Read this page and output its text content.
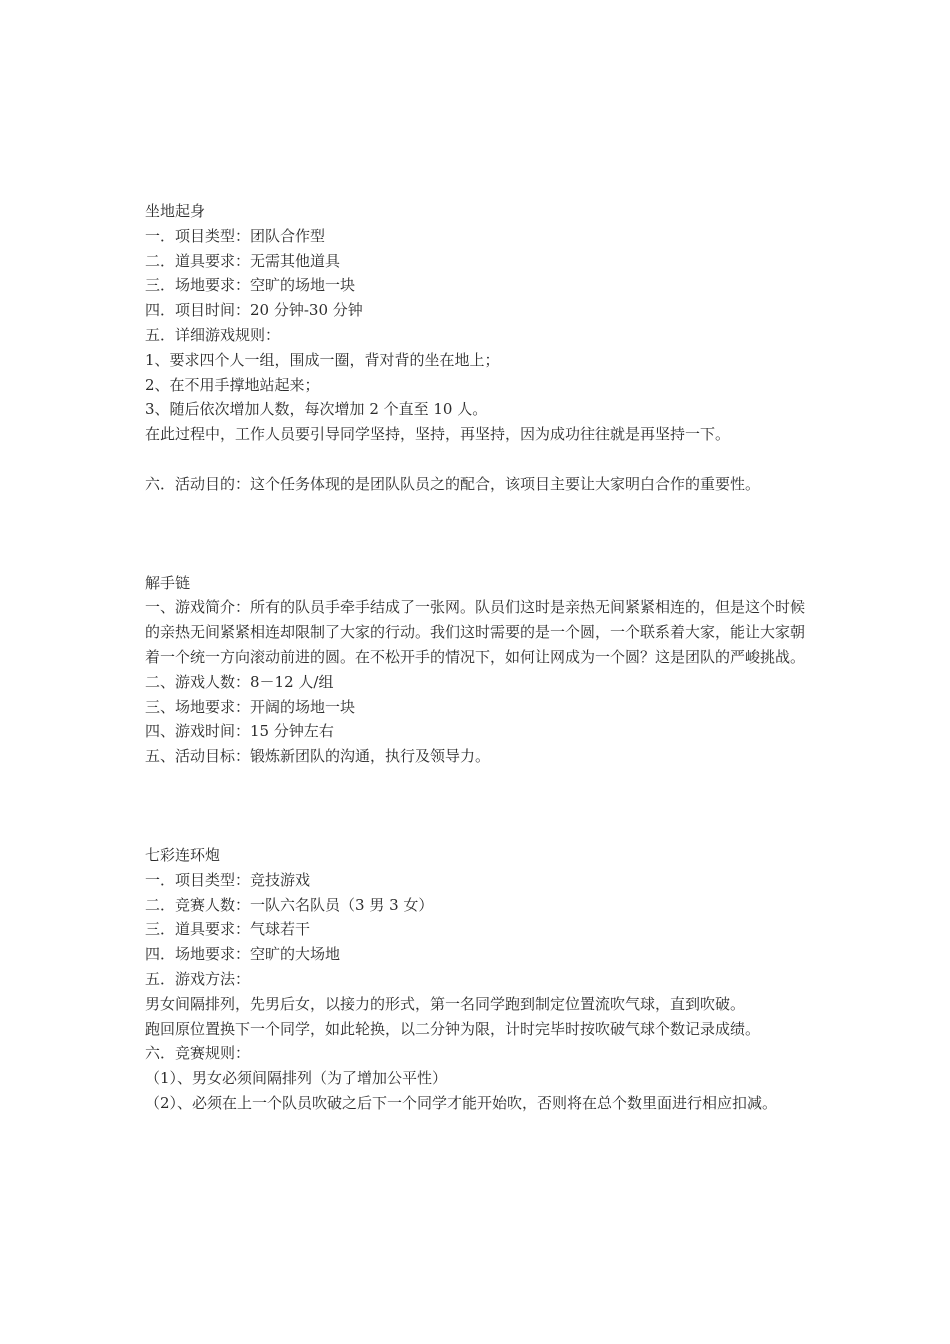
坐地起身

一．项目类型：团队合作型

二．道具要求：无需其他道具

三．场地要求：空旷的场地一块

四．项目时间：20 分钟-30 分钟

五．详细游戏规则：

1、要求四个人一组，围成一圈，背对背的坐在地上；

2、在不用手撑地站起来；

3、随后依次增加人数，每次增加 2 个直至 10 人。

在此过程中，工作人员要引导同学坚持，坚持，再坚持，因为成功往往就是再坚持一下。

六．活动目的：这个任务体现的是团队队员之的配合，该项目主要让大家明白合作的重要性。

解手链

一、游戏简介：所有的队员手牵手结成了一张网。队员们这时是亲热无间紧紧相连的，但是这个时候的亲热无间紧紧相连却限制了大家的行动。我们这时需要的是一个圆，一个联系着大家，能让大家朝着一个统一方向滚动前进的圆。在不松开手的情况下，如何让网成为一个圆？这是团队的严峻挑战。

二、游戏人数：8－12 人/组

三、场地要求：开阔的场地一块

四、游戏时间：15 分钟左右

五、活动目标：锻炼新团队的沟通，执行及领导力。

七彩连环炮

一．项目类型：竞技游戏

二．竞赛人数：一队六名队员（3 男 3 女）

三．道具要求：气球若干

四．场地要求：空旷的大场地

五．游戏方法：

男女间隔排列，先男后女，以接力的形式，第一名同学跑到制定位置流吹气球，直到吹破。

跑回原位置换下一个同学，如此轮换，以二分钟为限，计时完毕时按吹破气球个数记录成绩。

六．竞赛规则：

（1）、男女必须间隔排列（为了增加公平性）

（2）、必须在上一个队员吹破之后下一个同学才能开始吹，否则将在总个数里面进行相应扣减。
